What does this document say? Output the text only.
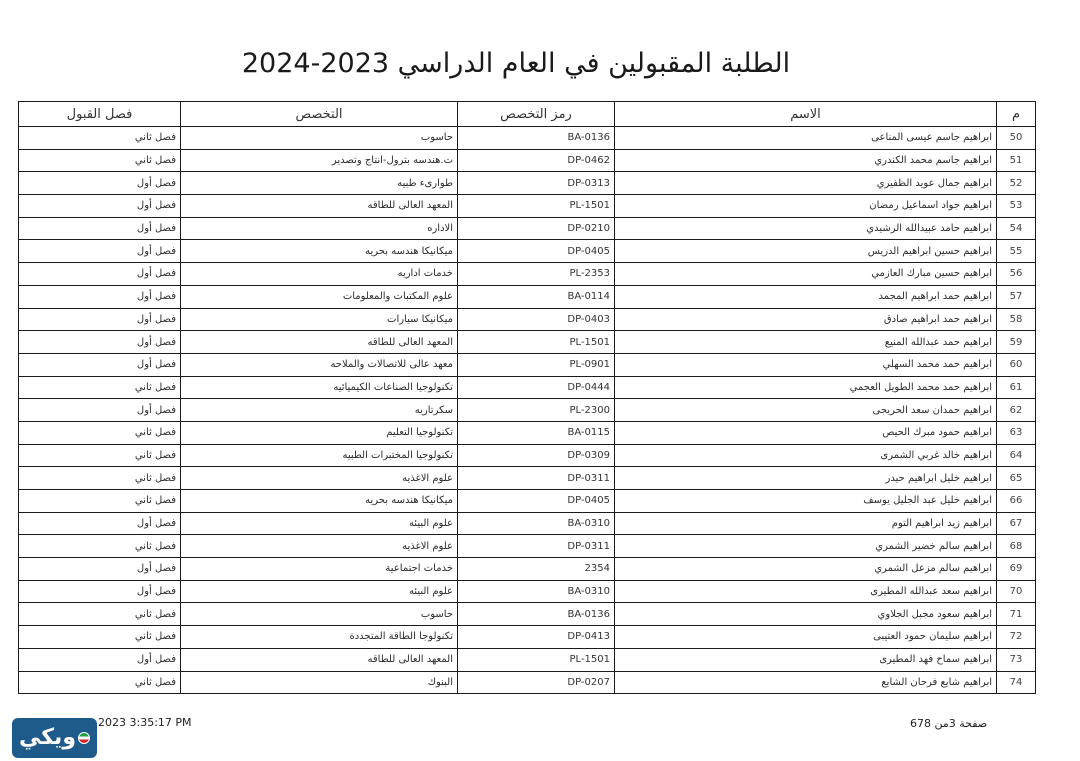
الطلبة المقبولين في العام الدراسي 2023-2024
م	الاسم	رمز التخصص	التخصص	فصل القبول
50	ابراهيم جاسم عيسى المناعى	BA-0136	حاسوب	فصل ثاني
51	ابراهيم جاسم محمد الكندري	DP-0462	ت.هندسه بترول-انتاج وتصدير	فصل ثاني
52	ابراهيم جمال عويد الظفيري	DP-0313	طوارىء طبيه	فصل أول
53	ابراهيم جواد اسماعيل رمضان	PL-1501	المعهد العالى للطاقه	فصل أول
54	ابراهيم حامد عبيدالله الرشيدي	DP-0210	الاداره	فصل أول
55	ابراهيم حسين ابراهيم الدريس	DP-0405	ميكانيكا هندسه بحريه	فصل أول
56	ابراهيم حسين مبارك العازمي	PL-2353	خدمات اداريه	فصل أول
57	ابراهيم حمد ابراهيم المجمد	BA-0114	علوم المكتبات والمعلومات	فصل أول
58	ابراهيم حمد ابراهيم صادق	DP-0403	ميكانيكا سيارات	فصل أول
59	ابراهيم حمد عبدالله المنيع	PL-1501	المعهد العالى للطاقه	فصل أول
60	ابراهيم حمد محمد السهلي	PL-0901	معهد عالى للاتصالات والملاحه	فصل أول
61	ابراهيم حمد محمد الطويل العجمي	DP-0444	تكنولوجيا الصناعات الكيميائيه	فصل ثاني
62	ابراهيم حمدان سعد الحريجى	PL-2300	سكرتاريه	فصل أول
63	ابراهيم حمود مبرك الحيص	BA-0115	تكنولوجيا التعليم	فصل ثاني
64	ابراهيم خالد غربي الشمرى	DP-0309	تكنولوجيا المختبرات الطبيه	فصل ثاني
65	ابراهيم خليل ابراهيم حيدر	DP-0311	علوم الاغذيه	فصل ثاني
66	ابراهيم خليل عبد الجليل يوسف	DP-0405	ميكانيكا هندسه بحريه	فصل ثاني
67	ابراهيم زيد ابراهيم التوم	BA-0310	علوم البيئه	فصل أول
68	ابراهيم سالم خضير الشمري	DP-0311	علوم الاغذيه	فصل ثاني
69	ابراهيم سالم مزعل الشمري	2354	خدمات اجتماعية	فصل أول
70	ابراهيم سعد عبدالله المطيرى	BA-0310	علوم البيئه	فصل أول
71	ابراهيم سعود مجبل الجلاوي	BA-0136	حاسوب	فصل ثاني
72	ابراهيم سليمان حمود العتيبى	DP-0413	تكنولوجا الطاقة المتجددة	فصل ثاني
73	ابراهيم سماح فهد المطيرى	PL-1501	المعهد العالى للطاقه	فصل أول
74	ابراهيم شايع فرحان الشايع	DP-0207	البنوك	فصل ثاني
ويكي
2023 3:35:17 PM	صفحة 3من 678
